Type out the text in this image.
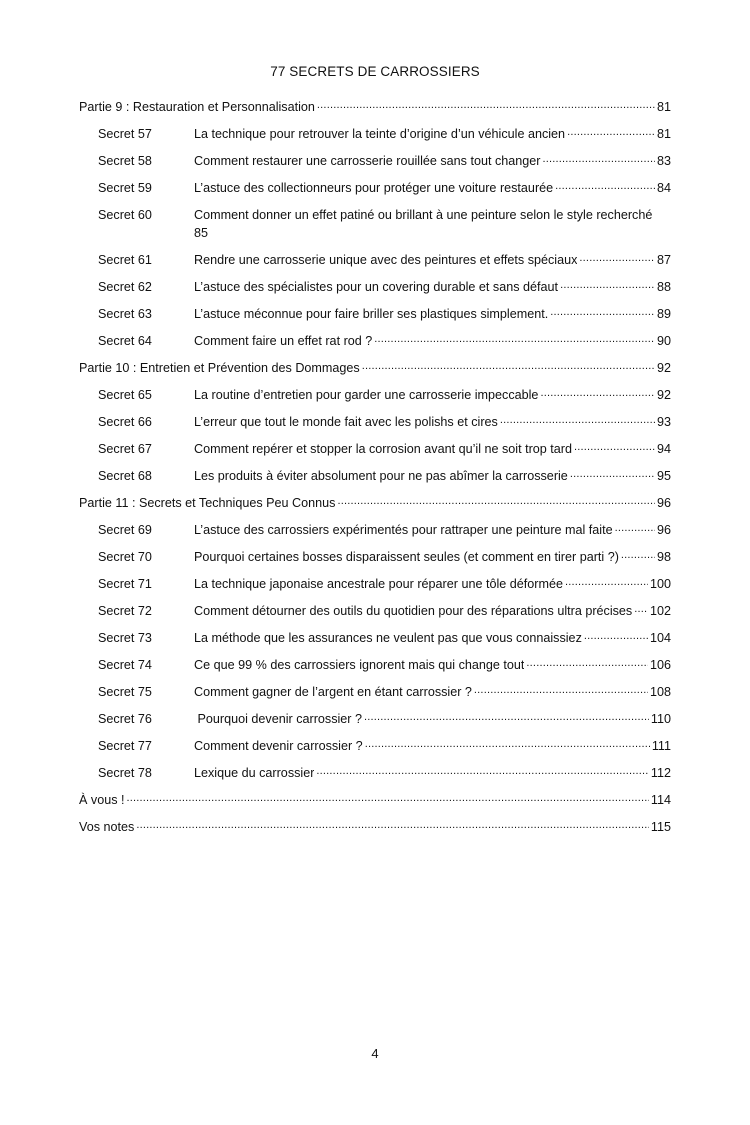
77 SECRETS DE CARROSSIERS
Partie 9 : Restauration et Personnalisation .....	81
Secret 57	La technique pour retrouver la teinte d’origine d’un véhicule ancien .....	81
Secret 58	Comment restaurer une carrosserie rouillée sans tout changer .....	83
Secret 59	L’astuce des collectionneurs pour protéger une voiture restaurée .....	84
Secret 60	Comment donner un effet patiné ou brillant à une peinture selon le style recherché
85
Secret 61	Rendre une carrosserie unique avec des peintures et effets spéciaux .....	87
Secret 62	L’astuce des spécialistes pour un covering durable et sans défaut .....	88
Secret 63	L’astuce méconnue pour faire briller ses plastiques simplement. .....	89
Secret 64	Comment faire un effet rat rod ? .....	90
Partie 10 : Entretien et Prévention des Dommages .....	92
Secret 65	La routine d’entretien pour garder une carrosserie impeccable .....	92
Secret 66	L’erreur que tout le monde fait avec les polishs et cires .....	93
Secret 67	Comment repérer et stopper la corrosion avant qu’il ne soit trop tard .....	94
Secret 68	Les produits à éviter absolument pour ne pas abîmer la carrosserie .....	95
Partie 11 : Secrets et Techniques Peu Connus .....	96
Secret 69	L’astuce des carrossiers expérimentés pour rattraper une peinture mal faite .....	96
Secret 70	Pourquoi certaines bosses disparaissent seules (et comment en tirer parti ?) .....	98
Secret 71	La technique japonaise ancestrale pour réparer une tôle déformée .....	100
Secret 72	Comment détourner des outils du quotidien pour des réparations ultra précises ..... 102
Secret 73	La méthode que les assurances ne veulent pas que vous connaissiez .....	104
Secret 74	Ce que 99 % des carrossiers ignorent mais qui change tout .....	106
Secret 75	Comment gagner de l’argent en étant carrossier ? .....	108
Secret 76	Pourquoi devenir carrossier ? .....	110
Secret 77	Comment devenir carrossier ? .....	111
Secret 78	Lexique du carrossier .....	112
À vous ! .....	114
Vos notes .....	115
4
